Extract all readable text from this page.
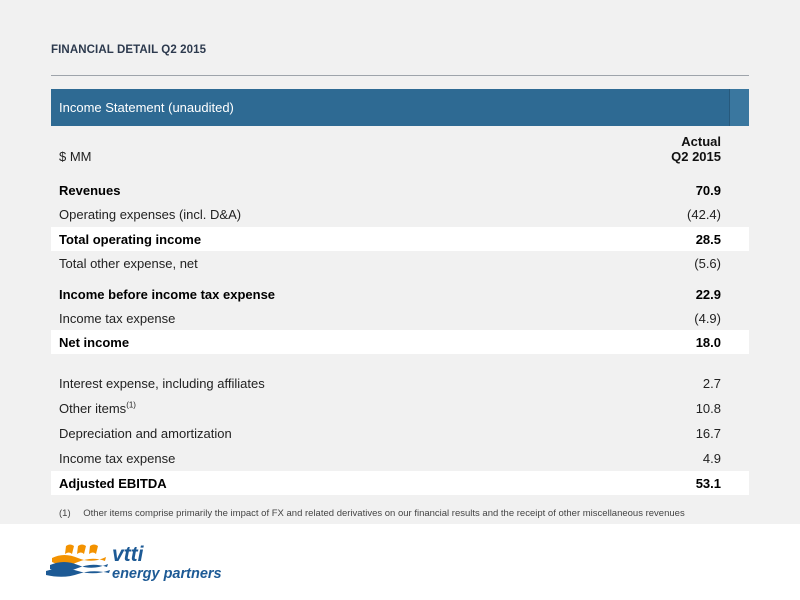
FINANCIAL DETAIL Q2 2015
Income Statement (unaudited)
$ MM
Actual
Q2 2015
Revenues	70.9
Operating expenses (incl. D&A)	(42.4)
Total operating income	28.5
Total other expense, net	(5.6)
Income before income tax expense	22.9
Income tax expense	(4.9)
Net income	18.0
Interest expense, including affiliates	2.7
Other items$^{(1)}$	10.8
Depreciation and amortization	16.7
Income tax expense	4.9
Adjusted EBITDA	53.1
(1) Other items comprise primarily the impact of FX and related derivatives on our financial results and the receipt of other miscellaneous revenues
vtti
energy partners
